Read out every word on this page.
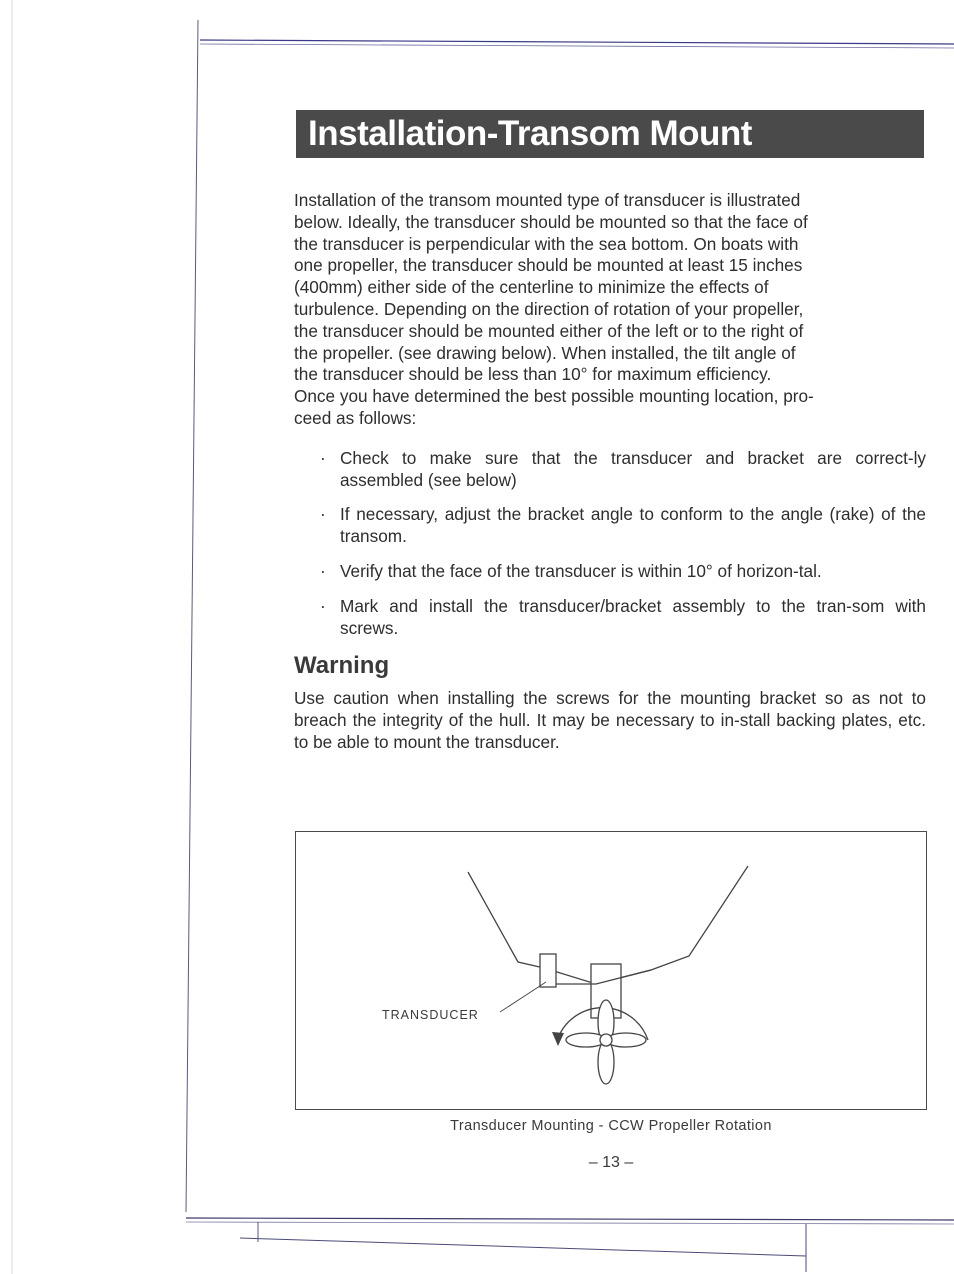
Installation-Transom Mount

Installation of the transom mounted type of transducer is illustrated
below. Ideally, the transducer should be mounted so that the face of
the transducer is perpendicular with the sea bottom. On boats with
one propeller, the transducer should be mounted at least 15 inches
(400mm) either side of the centerline to minimize the effects of
turbulence. Depending on the direction of rotation of your propeller,
the transducer should be mounted either of the left or to the right of
the propeller. (see drawing below). When installed, the tilt angle of
the transducer should be less than 10° for maximum efficiency.
Once you have determined the best possible mounting location, pro-
ceed as follows:

· Check to make sure that the transducer and bracket are correct-ly assembled (see below)
· If necessary, adjust the bracket angle to conform to the angle (rake) of the transom.
· Verify that the face of the transducer is within 10° of horizon-tal.
· Mark and install the transducer/bracket assembly to the tran-som with screws.
Warning

Use caution when installing the screws for the mounting bracket so as not to breach the integrity of the hull. It may be necessary to in-stall backing plates, etc. to be able to mount the transducer.

TRANSDUCER
Transducer Mounting - CCW Propeller Rotation
– 13 –
